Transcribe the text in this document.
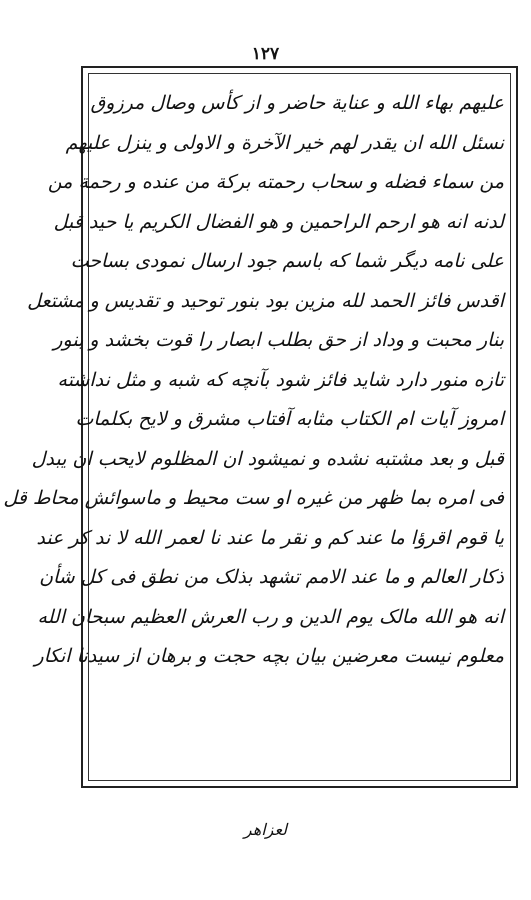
١٢٧
علیهم بهاء الله و عنایة حاضر و از کأس وصال مرزوق
نسئل الله ان یقدر لهم خیر الآخرة و الاولی و ینزل علیهم
من سماء فضله و سحاب رحمته برکة من عنده و رحمة من
لدنه انه هو ارحم الراحمین و هو الفضال الکریم یا حید قبل
علی نامه دیگر شما که باسم جود ارسال نمودی بساحت
اقدس فائز الحمد لله مزین بود بنور توحید و تقدیس و مشتعل
بنار محبت و وداد از حق بطلب ابصار را قوت بخشد و بنور
تازه منور دارد شاید فائز شود بآنچه که شبه و مثل نداشته
امروز آیات ام الکتاب مثابه آفتاب مشرق و لایح بکلمات
قبل و بعد مشتبه نشده و نمیشود ان المظلوم لایحب ان یبدل
فی امره بما ظهر من غیره او ست محیط و ماسوائش محاط قل
یا قوم اقرؤا ما عند کم و نقر ما عند نا لعمر الله لا ند کر عند
ذکار العالم و ما عند الامم تشهد بذلک من نطق فی کل شأن
انه هو الله مالک یوم الدین و رب العرش العظیم سبحان الله
معلوم نیست معرضین بیان بچه حجت و برهان از سیدنا انکار
لعزاهر
